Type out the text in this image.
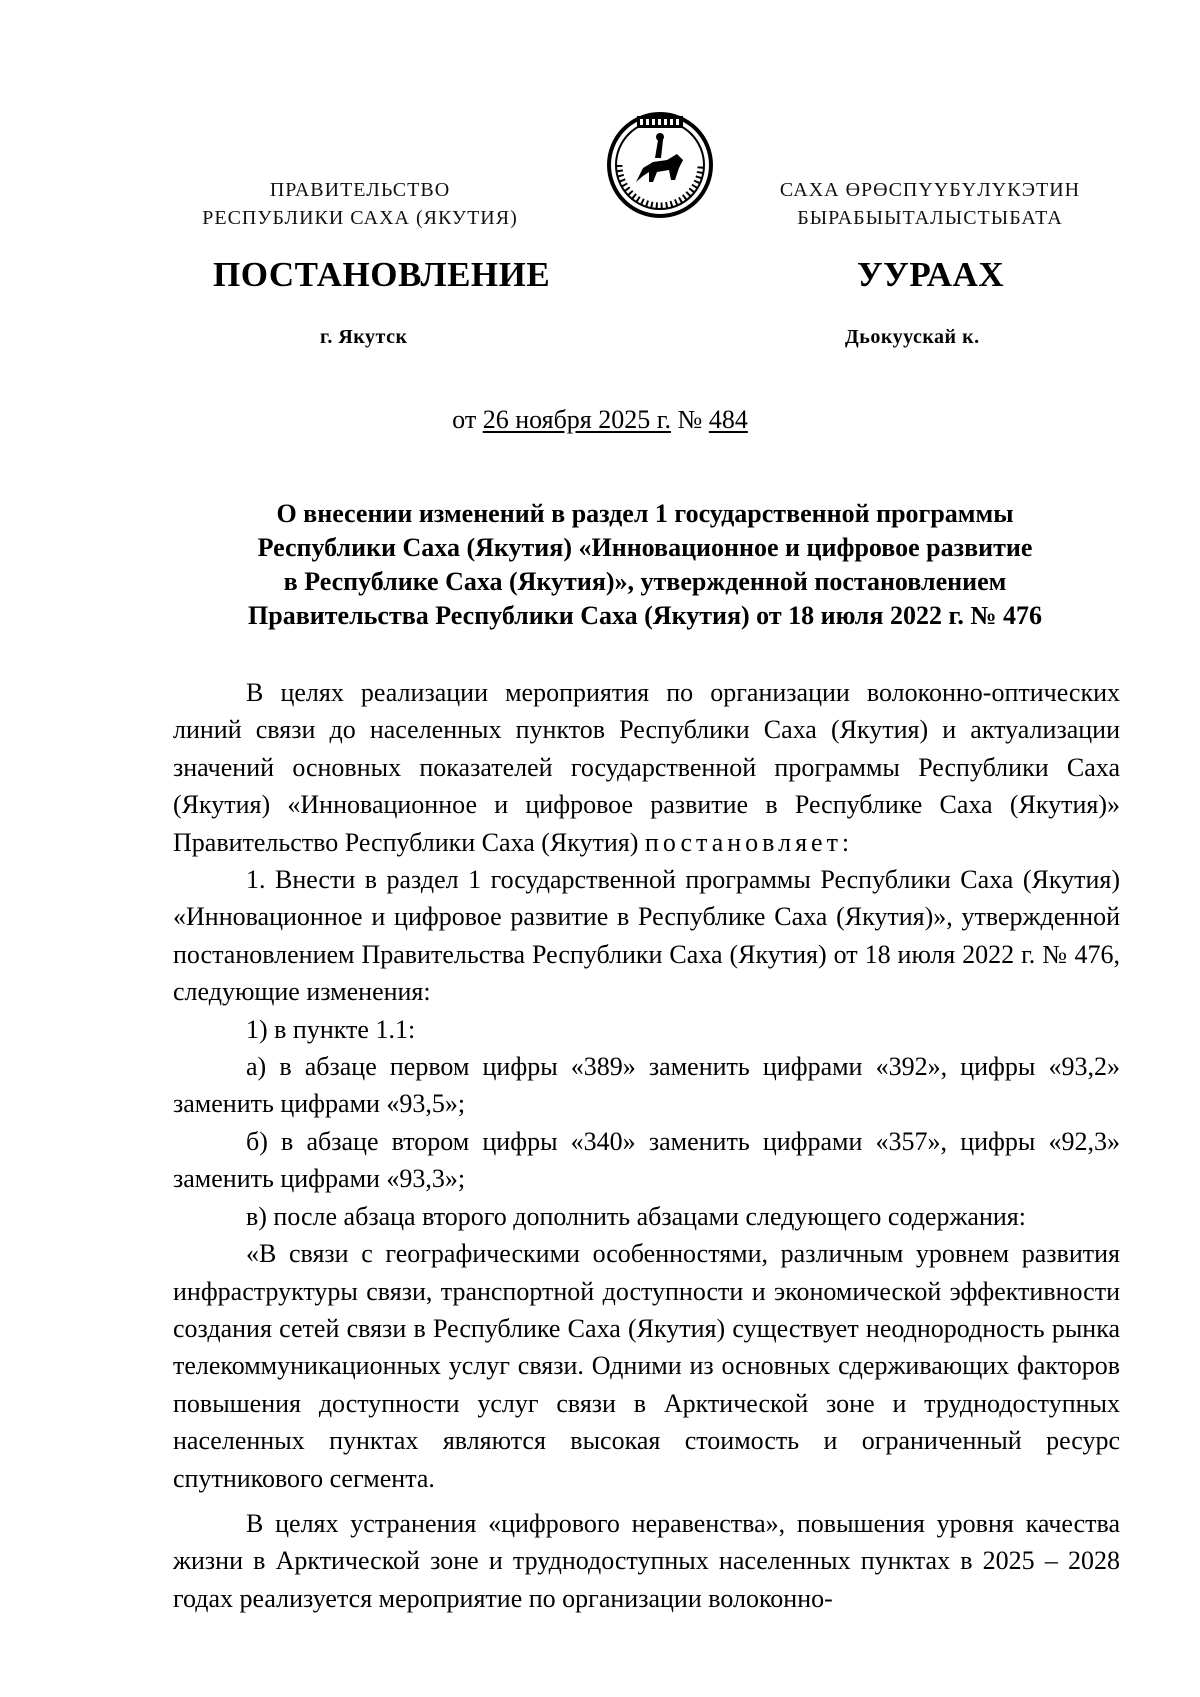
ПРАВИТЕЛЬСТВО
РЕСПУБЛИКИ САХА (ЯКУТИЯ)
САХА ӨРӨСПҮҮБҮЛҮКЭТИН
БЫРАБЫЫТАЛЫСТЫБАТА
ПОСТАНОВЛЕНИЕ	УУРААХ
г. Якутск	Дьокуускай к.
от 26 ноября 2025 г. № 484
О внесении изменений в раздел 1 государственной программы
Республики Саха (Якутия) «Инновационное и цифровое развитие
в Республике Саха (Якутия)», утвержденной постановлением
Правительства Республики Саха (Якутия) от 18 июля 2022 г. № 476

В целях реализации мероприятия по организации волоконно-оптических линий связи до населенных пунктов Республики Саха (Якутия) и актуализации значений основных показателей государственной программы Республики Саха (Якутия) «Инновационное и цифровое развитие в Республике Саха (Якутия)» Правительство Республики Саха (Якутия) постановляет:

1. Внести в раздел 1 государственной программы Республики Саха (Якутия) «Инновационное и цифровое развитие в Республике Саха (Якутия)», утвержденной постановлением Правительства Республики Саха (Якутия) от 18 июля 2022 г. № 476, следующие изменения:

1) в пункте 1.1:

а) в абзаце первом цифры «389» заменить цифрами «392», цифры «93,2» заменить цифрами «93,5»;

б) в абзаце втором цифры «340» заменить цифрами «357», цифры «92,3» заменить цифрами «93,3»;

в) после абзаца второго дополнить абзацами следующего содержания:

«В связи с географическими особенностями, различным уровнем развития инфраструктуры связи, транспортной доступности и экономической эффективности создания сетей связи в Республике Саха (Якутия) существует неоднородность рынка телекоммуникационных услуг связи. Одними из основных сдерживающих факторов повышения доступности услуг связи в Арктической зоне и труднодоступных населенных пунктах являются высокая стоимость и ограниченный ресурс спутникового сегмента.

В целях устранения «цифрового неравенства», повышения уровня качества жизни в Арктической зоне и труднодоступных населенных пунктах в 2025 – 2028 годах реализуется мероприятие по организации волоконно-
